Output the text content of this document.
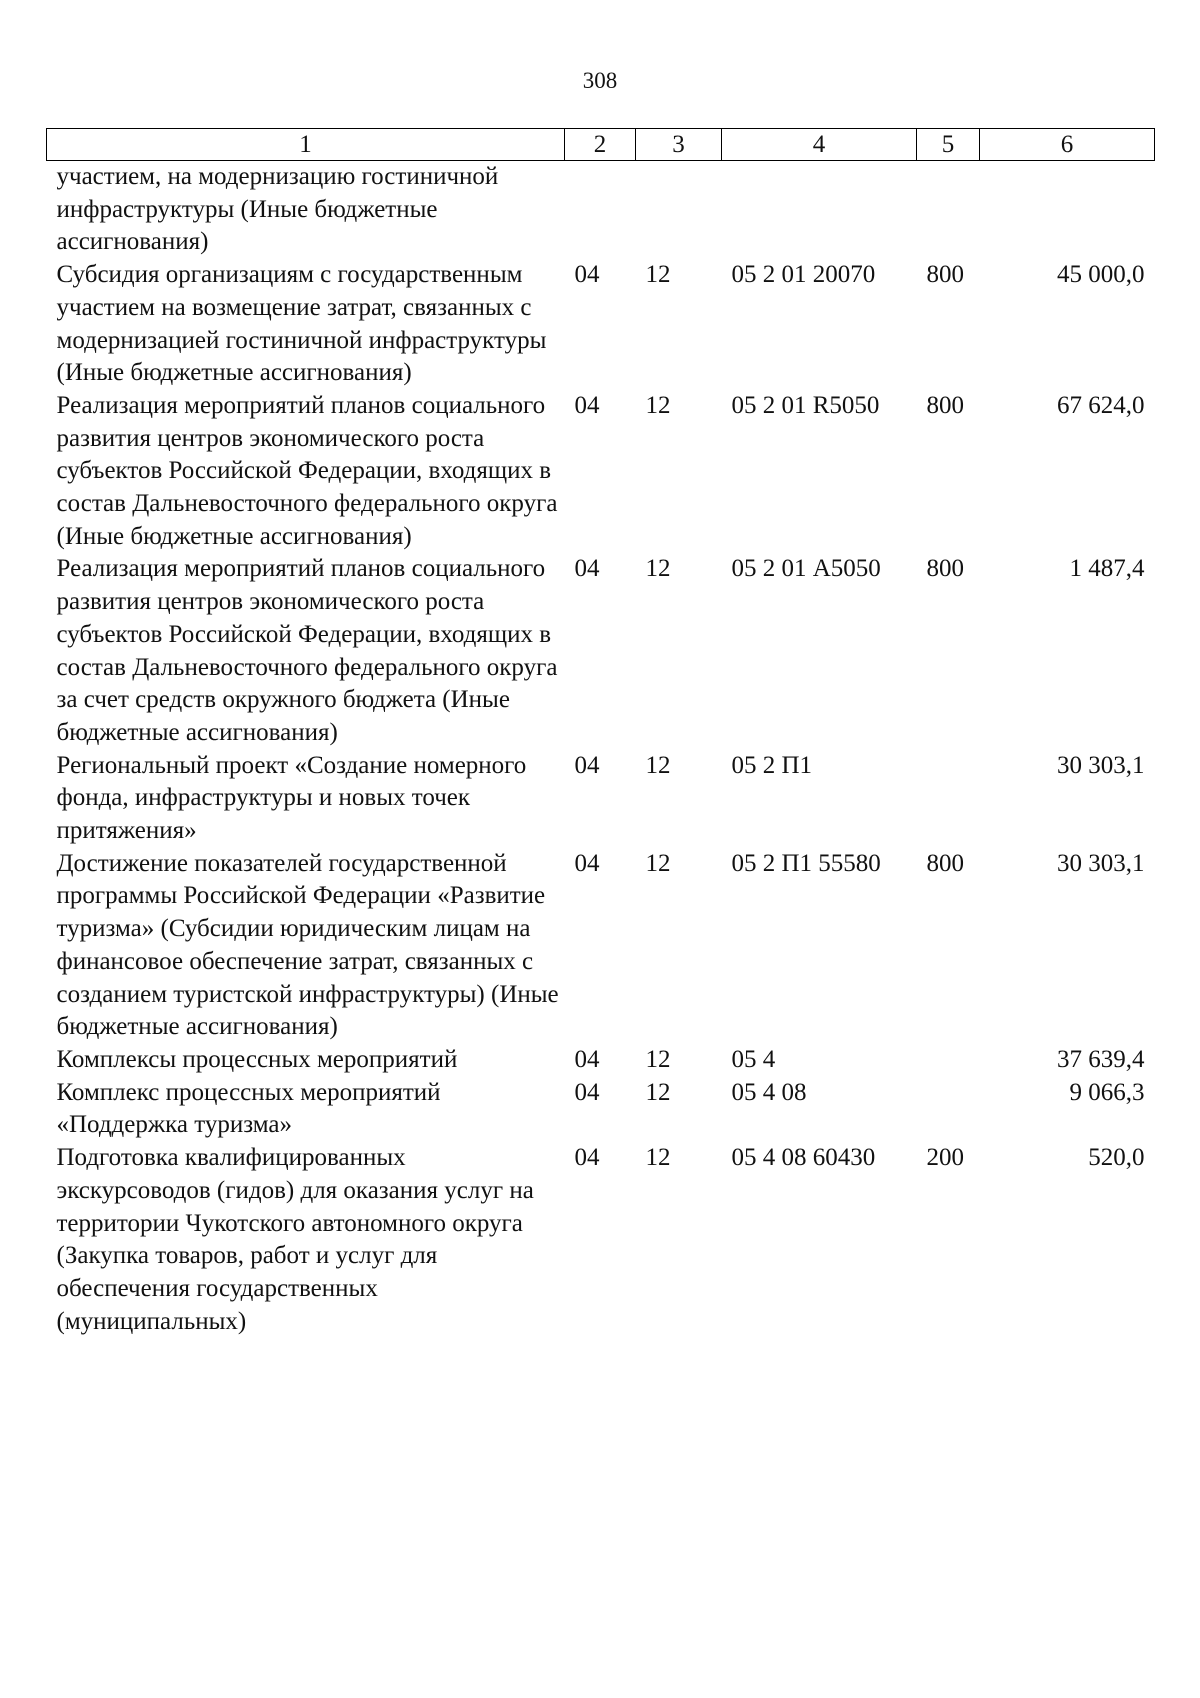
308
1	2	3	4	5	6
участием, на модернизацию гостиничной инфраструктуры (Иные бюджетные ассигнования)					
Субсидия организациям с государственным участием на возмещение затрат, связанных с модернизацией гостиничной инфраструктуры (Иные бюджетные ассигнования)	04	12	05 2 01 20070	800	45 000,0
Реализация мероприятий планов социального развития центров экономического роста субъектов Российской Федерации, входящих в состав Дальневосточного федерального округа (Иные бюджетные ассигнования)	04	12	05 2 01 R5050	800	67 624,0
Реализация мероприятий планов социального развития центров экономического роста субъектов Российской Федерации, входящих в состав Дальневосточного федерального округа за счет средств окружного бюджета (Иные бюджетные ассигнования)	04	12	05 2 01 А5050	800	1 487,4
Региональный проект «Создание номерного фонда, инфраструктуры и новых точек притяжения»	04	12	05 2 П1		30 303,1
Достижение показателей государственной программы Российской Федерации «Развитие туризма» (Субсидии юридическим лицам на финансовое обеспечение затрат, связанных с созданием туристской инфраструктуры) (Иные бюджетные ассигнования)	04	12	05 2 П1 55580	800	30 303,1
Комплексы процессных мероприятий	04	12	05 4		37 639,4
Комплекс процессных мероприятий «Поддержка туризма»	04	12	05 4 08		9 066,3
Подготовка квалифицированных экскурсоводов (гидов) для оказания услуг на территории Чукотского автономного округа (Закупка товаров, работ и услуг для обеспечения государственных (муниципальных)	04	12	05 4 08 60430	200	520,0
